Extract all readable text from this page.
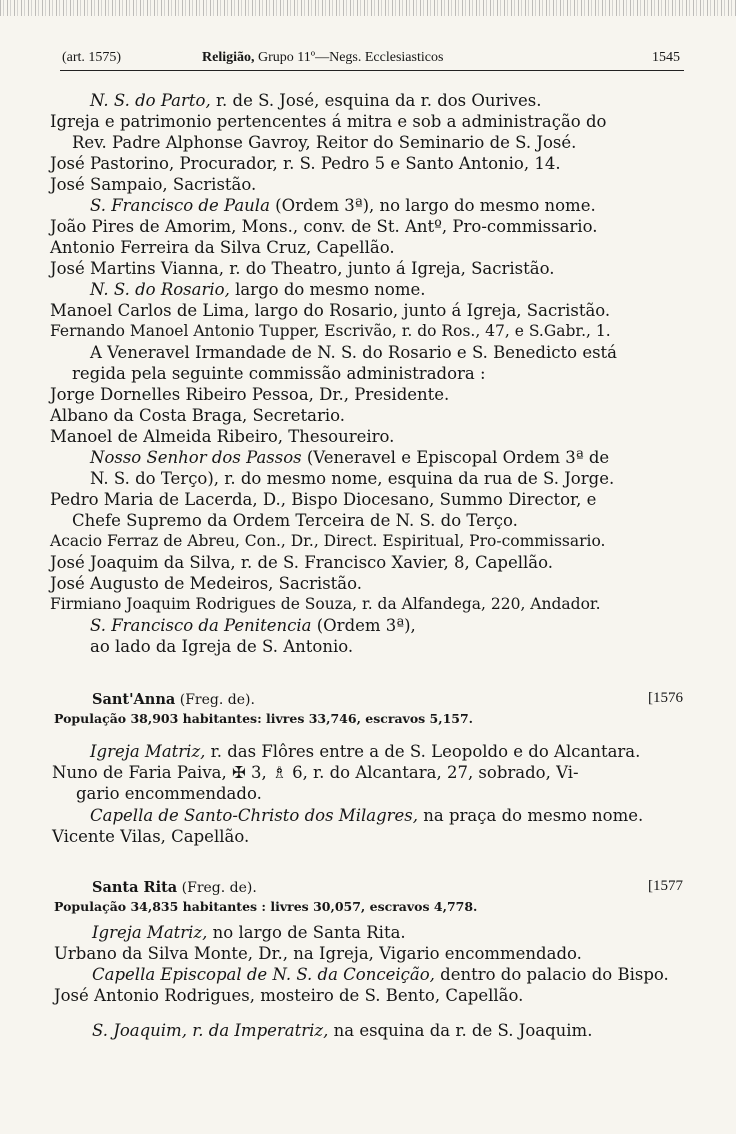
(art. 1575)	Religião, Grupo 11º—Negs. Ecclesiasticos	1545
N. S. do Parto, r. de S. José, esquina da r. dos Ourives.
Igreja e patrimonio pertencentes á mitra e sob a administração do
Rev. Padre Alphonse Gavroy, Reitor do Seminario de S. José.
José Pastorino, Procurador, r. S. Pedro 5 e Santo Antonio, 14.
José Sampaio, Sacristão.
S. Francisco de Paula (Ordem 3ª), no largo do mesmo nome.
João Pires de Amorim, Mons., conv. de St. Antº, Pro-commissario.
Antonio Ferreira da Silva Cruz, Capellão.
José Martins Vianna, r. do Theatro, junto á Igreja, Sacristão.
N. S. do Rosario, largo do mesmo nome.
Manoel Carlos de Lima, largo do Rosario, junto á Igreja, Sacristão.
Fernando Manoel Antonio Tupper, Escrivão, r. do Ros., 47, e S.Gabr., 1.
A Veneravel Irmandade de N. S. do Rosario e S. Benedicto está
regida pela seguinte commissão administradora :
Jorge Dornelles Ribeiro Pessoa, Dr., Presidente.
Albano da Costa Braga, Secretario.
Manoel de Almeida Ribeiro, Thesoureiro.
Nosso Senhor dos Passos (Veneravel e Episcopal Ordem 3ª de
N. S. do Terço), r. do mesmo nome, esquina da rua de S. Jorge.
Pedro Maria de Lacerda, D., Bispo Diocesano, Summo Director, e
Chefe Supremo da Ordem Terceira de N. S. do Terço.
Acacio Ferraz de Abreu, Con., Dr., Direct. Espiritual, Pro-commissario.
José Joaquim da Silva, r. de S. Francisco Xavier, 8, Capellão.
José Augusto de Medeiros, Sacristão.
Firmiano Joaquim Rodrigues de Souza, r. da Alfandega, 220, Andador.
S. Francisco da Penitencia (Ordem 3ª),
ao lado da Igreja de S. Antonio.
Sant'Anna (Freg. de).	[1576
População 38,903 habitantes: livres 33,746, escravos 5,157.
Igreja Matriz, r. das Flôres entre a de S. Leopoldo e do Alcantara.
Nuno de Faria Paiva, ✠ 3, ♗ 6, r. do Alcantara, 27, sobrado, Vi-
gario encommendado.
Capella de Santo-Christo dos Milagres, na praça do mesmo nome.
Vicente Vilas, Capellão.
Santa Rita (Freg. de).	[1577
População 34,835 habitantes : livres 30,057, escravos 4,778.
Igreja Matriz, no largo de Santa Rita.
Urbano da Silva Monte, Dr., na Igreja, Vigario encommendado.
Capella Episcopal de N. S. da Conceição, dentro do palacio do Bispo.
José Antonio Rodrigues, mosteiro de S. Bento, Capellão.
S. Joaquim, r. da Imperatriz, na esquina da r. de S. Joaquim.
